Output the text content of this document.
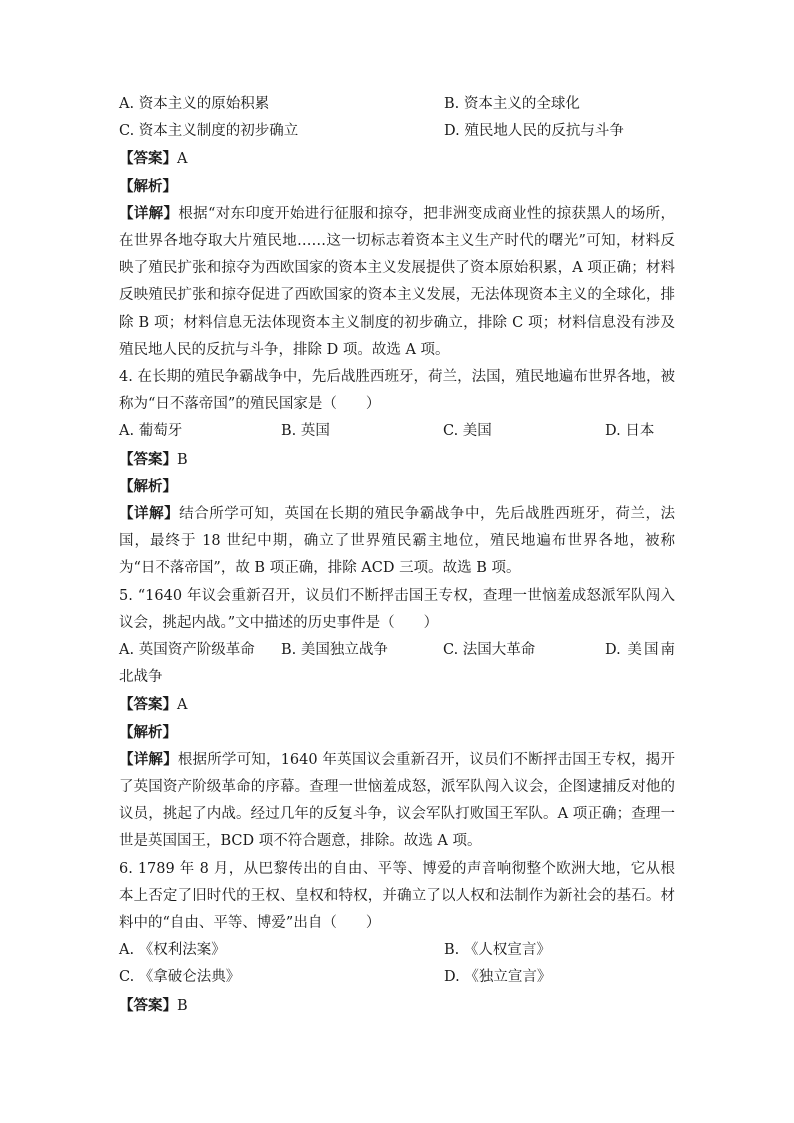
A. 资本主义的原始积累	B. 资本主义的全球化
C. 资本主义制度的初步确立	D. 殖民地人民的反抗与斗争
【答案】A
【解析】
【详解】根据“对东印度开始进行征服和掠夺，把非洲变成商业性的掠获黑人的场所，在世界各地夺取大片殖民地……这一切标志着资本主义生产时代的曙光”可知，材料反映了殖民扩张和掠夺为西欧国家的资本主义发展提供了资本原始积累，A 项正确；材料反映殖民扩张和掠夺促进了西欧国家的资本主义发展，无法体现资本主义的全球化，排除 B 项；材料信息无法体现资本主义制度的初步确立，排除 C 项；材料信息没有涉及殖民地人民的反抗与斗争，排除 D 项。故选 A 项。
4. 在长期的殖民争霸战争中，先后战胜西班牙，荷兰，法国，殖民地遍布世界各地，被称为“日不落帝国”的殖民国家是（　　）
A. 葡萄牙	B. 英国	C. 美国	D. 日本
【答案】B
【解析】
【详解】结合所学可知，英国在长期的殖民争霸战争中，先后战胜西班牙，荷兰，法国，最终于 18 世纪中期，确立了世界殖民霸主地位，殖民地遍布世界各地，被称为“日不落帝国”，故 B 项正确，排除 ACD 三项。故选 B 项。
5. “1640 年议会重新召开，议员们不断抨击国王专权，查理一世恼羞成怒派军队闯入议会，挑起内战。”文中描述的历史事件是（　　）
A. 英国资产阶级革命 B. 美国独立战争	C. 法国大革命	D. 美国南北战争
【答案】A
【解析】
【详解】根据所学可知，1640 年英国议会重新召开，议员们不断抨击国王专权，揭开了英国资产阶级革命的序幕。查理一世恼羞成怒，派军队闯入议会，企图逮捕反对他的议员，挑起了内战。经过几年的反复斗争，议会军队打败国王军队。A 项正确；查理一世是英国国王，BCD 项不符合题意，排除。故选 A 项。
6. 1789 年 8 月，从巴黎传出的自由、平等、博爱的声音响彻整个欧洲大地，它从根本上否定了旧时代的王权、皇权和特权，并确立了以人权和法制作为新社会的基石。材料中的“自由、平等、博爱”出自（　　）
A. 《权利法案》	B. 《人权宣言》
C. 《拿破仑法典》	D. 《独立宣言》
【答案】B
